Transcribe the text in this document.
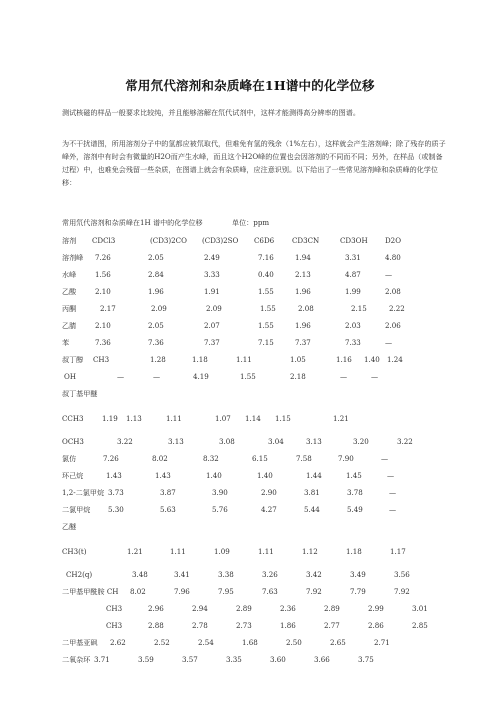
常用氘代溶剂和杂质峰在1H谱中的化学位移
测试核磁的样品一般要求比较纯，并且能够溶解在氘代试剂中，这样才能测得高分辨率的图谱。
为不干扰谱图，所用溶剂分子中的氢都应被氘取代，但难免有氢的残余（1%左右），这样就会产生溶剂峰；除了残存的质子峰外，溶剂中有时会有微量的H2O而产生水峰，而且这个H2O峰的位置也会因溶剂的不同而不同；另外，在样品（或制备过程）中，也难免会残留一些杂质，在图谱上就会有杂质峰，应注意识别。以下给出了一些常见溶剂峰和杂质峰的化学位移：
常用氘代溶剂和杂质峰在1H 谱中的化学位移	单位：ppm
溶剂 CDCl3	(CD3)2CO (CD3)2SO C6D6	CD3CN	CD3OH D2O
溶剂峰 7.26	2.05	2.49	7.16	1.94	3.31	4.80
水峰	1.56	2.84	3.33	0.40	2.13	4.87	—
乙酸	2.10	1.96	1.91	1.55	1.96	1.99	2.08
丙酮	2.17	2.09	2.09	1.55	2.08	2.15	2.22
乙腈	2.10	2.05	2.07	1.55	1.96	2.03	2.06
苯	7.36	7.36	7.37	7.15	7.37	7.33	—
叔丁醇 CH3	1.28	1.18	1.11	1.05	1.16 1.40 1.24
OH	—	—	4.19	1.55	2.18	—	—
叔丁基甲醚
CCH3	1.19 1.13	1.11	1.07 1.14 1.15	1.21
OCH3	3.22	3.13	3.08	3.04	3.13	3.20	3.22
氯仿	7.26	8.02	8.32	6.15	7.58	7.90	—
环己烷	1.43	1.43	1.40	1.40	1.44	1.45	—
1,2-二氯甲烷 3.73	3.87	3.90	2.90	3.81	3.78	—
二氯甲烷 5.30	5.63	5.76	4.27	5.44	5.49	—
乙醚
CH3(t)	1.21	1.11	1.09	1.11	1.12	1.18	1.17
CH2(q)	3.48	3.41	3.38	3.26	3.42	3.49	3.56
二甲基甲酰胺 CH 8.02	7.96	7.95	7.63	7.92	7.79	7.92
CH3	2.96	2.94	2.89	2.36	2.89	2.99	3.01
CH3	2.88	2.78	2.73	1.86	2.77	2.86	2.85
二甲基亚砜 2.62	2.52	2.54	1.68	2.50	2.65	2.71
二氧杂环 3.71	3.59	3.57	3.35	3.60	3.66	3.75
